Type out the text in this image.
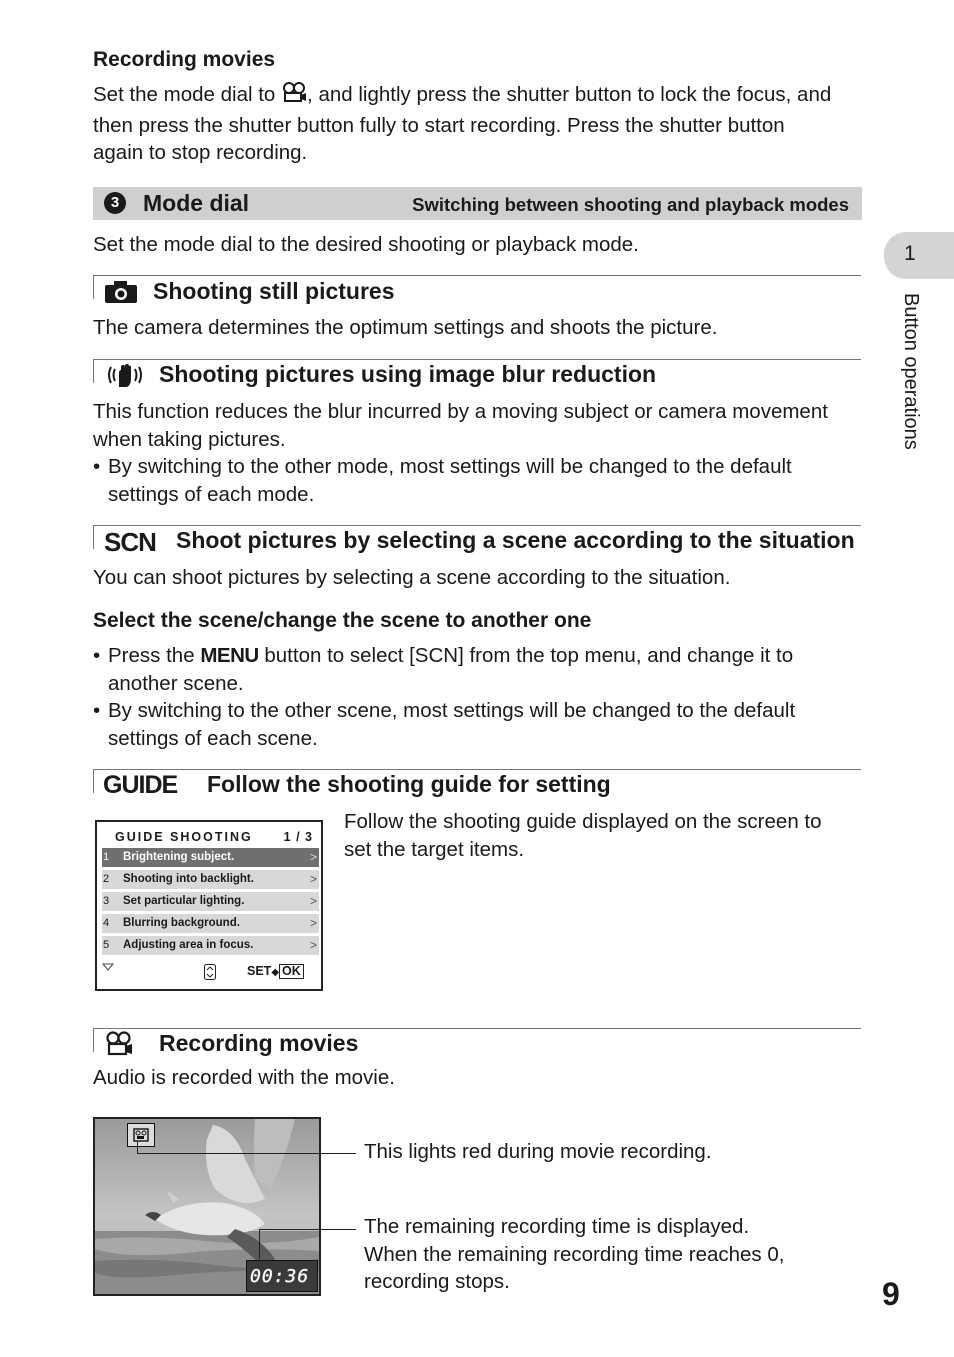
Recording movies
Set the mode dial to , and lightly press the shutter button to lock the focus, and
then press the shutter button fully to start recording. Press the shutter button
again to stop recording.
3 Mode dial	Switching between shooting and playback modes
Set the mode dial to the desired shooting or playback mode.	1
Button operations
Shooting still pictures
The camera determines the optimum settings and shoots the picture.
Shooting pictures using image blur reduction
This function reduces the blur incurred by a moving subject or camera movement
when taking pictures.
• By switching to the other mode, most settings will be changed to the default
settings of each mode.
SCN Shoot pictures by selecting a scene according to the situation
You can shoot pictures by selecting a scene according to the situation.
Select the scene/change the scene to another one
• Press the MENU button to select [SCN] from the top menu, and change it to
another scene.
• By switching to the other scene, most settings will be changed to the default
settings of each scene.
GUIDE Follow the shooting guide for setting
Follow the shooting guide displayed on the screen to
set the target items.
GUIDE SHOOTING 1 / 3
1 Brightening subject.	>
2 Shooting into backlight.	>
3 Set particular lighting.	>
4 Blurring background.	>
5 Adjusting area in focus.	>
SET◆ OK
Recording movies
Audio is recorded with the movie.
00:36
This lights red during movie recording.
The remaining recording time is displayed.
When the remaining recording time reaches 0,
recording stops.	9
